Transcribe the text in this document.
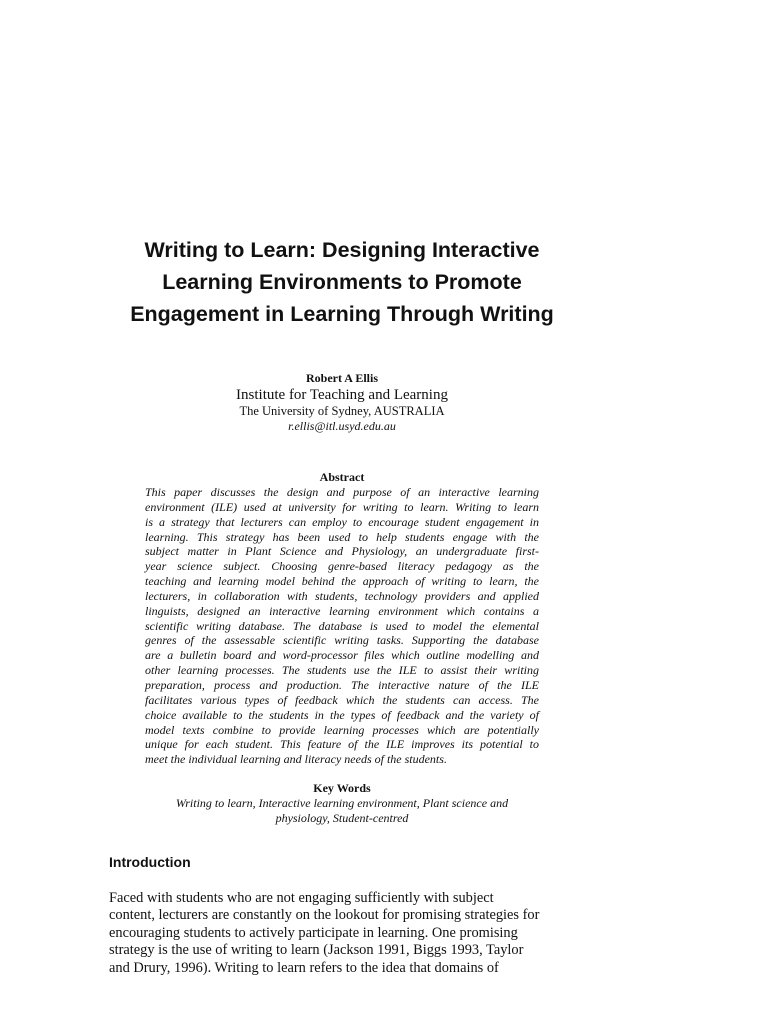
Writing to Learn: Designing Interactive
Learning Environments to Promote
Engagement in Learning Through Writing
Robert A Ellis
Institute for Teaching and Learning
The University of Sydney, AUSTRALIA
r.ellis@itl.usyd.edu.au
Abstract
This paper discusses the design and purpose of an interactive learning
environment (ILE) used at university for writing to learn. Writing to learn
is a strategy that lecturers can employ to encourage student engagement in
learning. This strategy has been used to help students engage with the
subject matter in Plant Science and Physiology, an undergraduate first-
year science subject. Choosing genre-based literacy pedagogy as the
teaching and learning model behind the approach of writing to learn, the
lecturers, in collaboration with students, technology providers and applied
linguists, designed an interactive learning environment which contains a
scientific writing database. The database is used to model the elemental
genres of the assessable scientific writing tasks. Supporting the database
are a bulletin board and word-processor files which outline modelling and
other learning processes. The students use the ILE to assist their writing
preparation, process and production. The interactive nature of the ILE
facilitates various types of feedback which the students can access. The
choice available to the students in the types of feedback and the variety of
model texts combine to provide learning processes which are potentially
unique for each student. This feature of the ILE improves its potential to
meet the individual learning and literacy needs of the students.
Key Words
Writing to learn, Interactive learning environment, Plant science and
physiology, Student-centred
Introduction
Faced with students who are not engaging sufficiently with subject
content, lecturers are constantly on the lookout for promising strategies for
encouraging students to actively participate in learning. One promising
strategy is the use of writing to learn (Jackson 1991, Biggs 1993, Taylor
and Drury, 1996). Writing to learn refers to the idea that domains of
